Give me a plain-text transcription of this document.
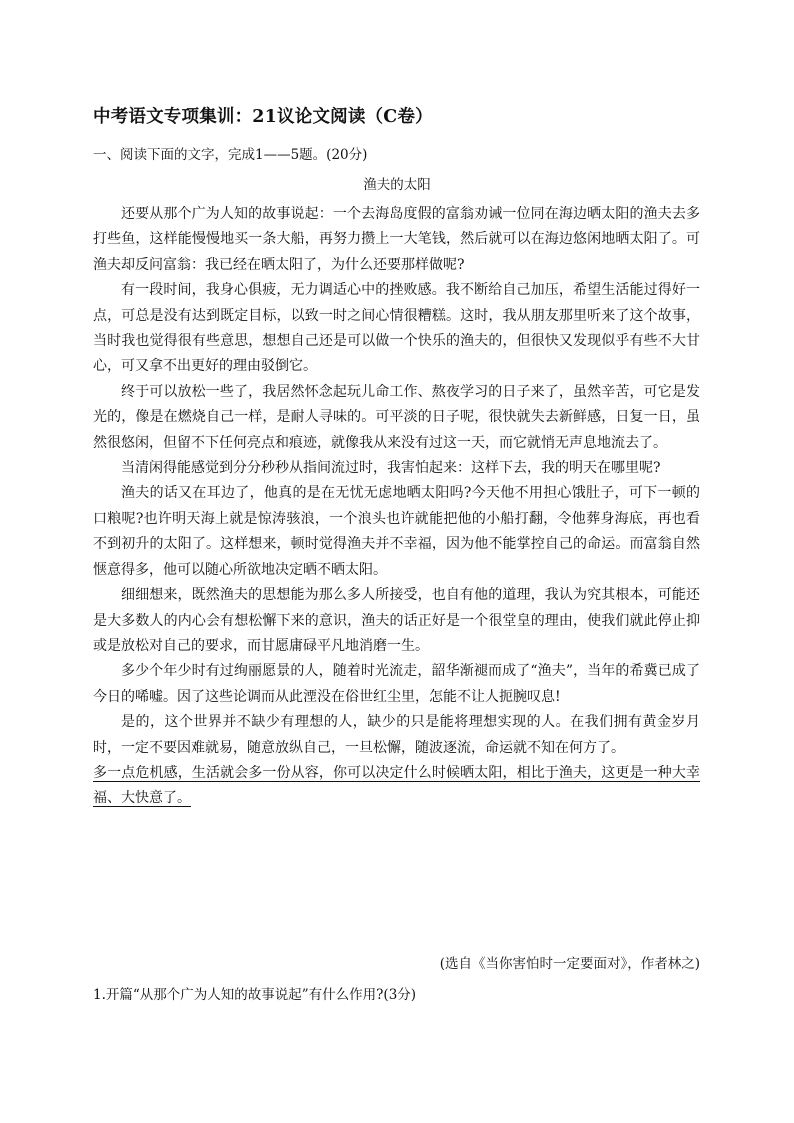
中考语文专项集训：21议论文阅读（C卷）
一、阅读下面的文字，完成1——5题。(20分)
渔夫的太阳

还要从那个广为人知的故事说起：一个去海岛度假的富翁劝诫一位同在海边晒太阳的渔夫去多打些鱼，这样能慢慢地买一条大船，再努力攒上一大笔钱，然后就可以在海边悠闲地晒太阳了。可渔夫却反问富翁：我已经在晒太阳了，为什么还要那样做呢?

有一段时间，我身心俱疲，无力调适心中的挫败感。我不断给自己加压，希望生活能过得好一点，可总是没有达到既定目标，以致一时之间心情很糟糕。这时，我从朋友那里听来了这个故事，当时我也觉得很有些意思，想想自己还是可以做一个快乐的渔夫的，但很快又发现似乎有些不大甘心，可又拿不出更好的理由驳倒它。

终于可以放松一些了，我居然怀念起玩儿命工作、熬夜学习的日子来了，虽然辛苦，可它是发光的，像是在燃烧自己一样，是耐人寻味的。可平淡的日子呢，很快就失去新鲜感，日复一日，虽然很悠闲，但留不下任何亮点和痕迹，就像我从来没有过这一天，而它就悄无声息地流去了。

当清闲得能感觉到分分秒秒从指间流过时，我害怕起来：这样下去，我的明天在哪里呢?

渔夫的话又在耳边了，他真的是在无忧无虑地晒太阳吗?今天他不用担心饿肚子，可下一顿的口粮呢?也许明天海上就是惊涛骇浪，一个浪头也许就能把他的小船打翻，令他葬身海底，再也看不到初升的太阳了。这样想来，顿时觉得渔夫并不幸福，因为他不能掌控自己的命运。而富翁自然惬意得多，他可以随心所欲地决定晒不晒太阳。

细细想来，既然渔夫的思想能为那么多人所接受，也自有他的道理，我认为究其根本，可能还是大多数人的内心会有想松懈下来的意识，渔夫的话正好是一个很堂皇的理由，使我们就此停止抑或是放松对自己的要求，而甘愿庸碌平凡地消磨一生。

多少个年少时有过绚丽愿景的人，随着时光流走，韶华渐褪而成了“渔夫”，当年的希冀已成了今日的唏嘘。因了这些论调而从此湮没在俗世红尘里，怎能不让人扼腕叹息!

是的，这个世界并不缺少有理想的人，缺少的只是能将理想实现的人。在我们拥有黄金岁月时，一定不要因难就易，随意放纵自己，一旦松懈，随波逐流，命运就不知在何方了。

多一点危机感，生活就会多一份从容，你可以决定什么时候晒太阳，相比于渔夫，这更是一种大幸福、大快意了。

(选自《当你害怕时一定要面对》，作者林之)
1.开篇“从那个广为人知的故事说起”有什么作用?(3分)
